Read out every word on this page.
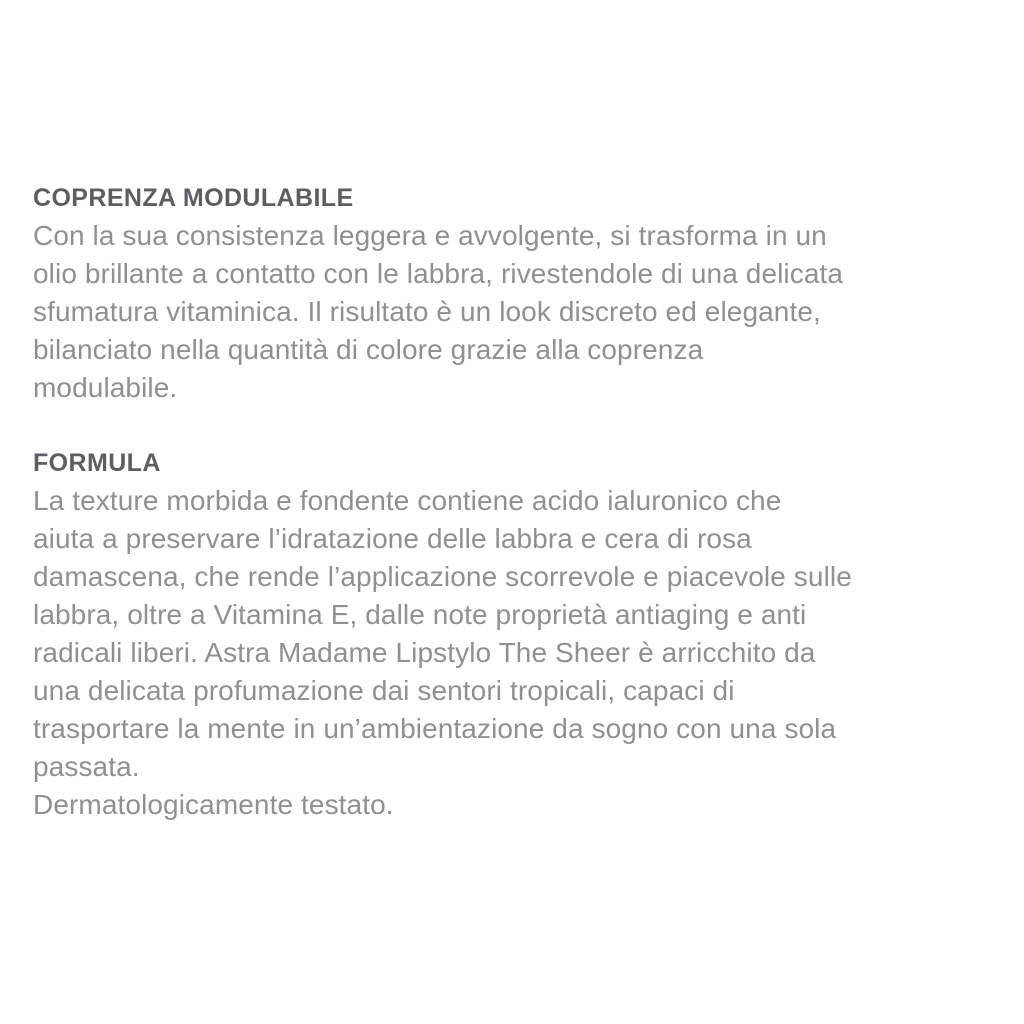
COPRENZA MODULABILE

Con la sua consistenza leggera e avvolgente, si trasforma in un
olio brillante a contatto con le labbra, rivestendole di una delicata
sfumatura vitaminica. Il risultato è un look discreto ed elegante,
bilanciato nella quantità di colore grazie alla coprenza
modulabile.

FORMULA

La texture morbida e fondente contiene acido ialuronico che
aiuta a preservare l’idratazione delle labbra e cera di rosa
damascena, che rende l’applicazione scorrevole e piacevole sulle
labbra, oltre a Vitamina E, dalle note proprietà antiaging e anti
radicali liberi. Astra Madame Lipstylo The Sheer è arricchito da
una delicata profumazione dai sentori tropicali, capaci di
trasportare la mente in un’ambientazione da sogno con una sola
passata.
Dermatologicamente testato.
